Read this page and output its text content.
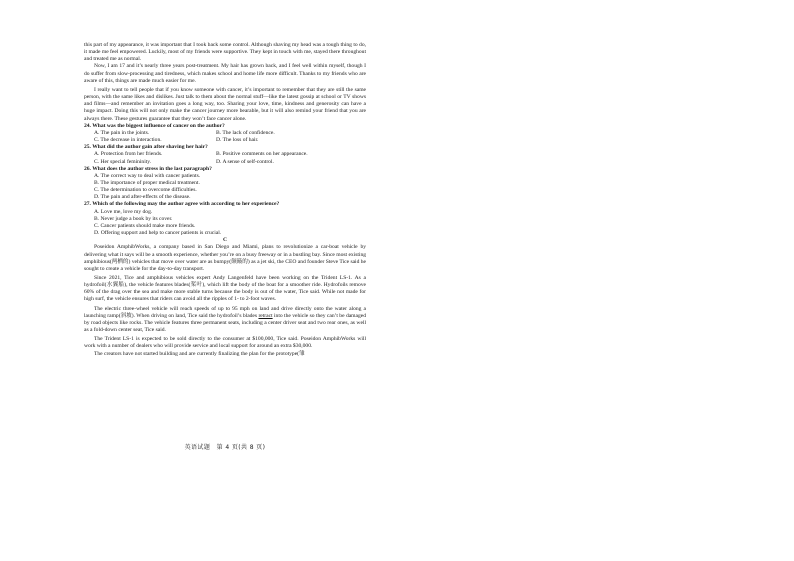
this part of my appearance, it was important that I took back some control. Although shaving my head was a tough thing to do, it made me feel empowered. Luckily, most of my friends were supportive. They kept in touch with me, stayed there throughout and treated me as normal.

Now, I am 17 and it’s nearly three years post-treatment. My hair has grown back, and I feel well within myself, though I do suffer from slow-processing and tiredness, which makes school and home life more difficult. Thanks to my friends who are aware of this, things are made much easier for me.

I really want to tell people that if you know someone with cancer, it’s important to remember that they are still the same person, with the same likes and dislikes. Just talk to them about the normal stuff—like the latest gossip at school or TV shows and films—and remember an invitation goes a long way, too. Sharing your love, time, kindness and generosity can have a huge impact. Doing this will not only make the cancer journey more bearable, but it will also remind your friend that you are always there. These gestures guarantee that they won’t face cancer alone.

24. What was the biggest influence of cancer on the author?

A. The pain in the joints.	B. The lack of confidence.
C. The decrease in interaction.	D. The loss of hair.

25. What did the author gain after shaving her hair?

A. Protection from her friends.	B. Positive comments on her appearance.
C. Her special femininity.	D. A sense of self-control.

26. What does the author stress in the last paragraph?

A. The correct way to deal with cancer patients.
B. The importance of proper medical treatment.
C. The determination to overcome difficulties.
D. The pain and after-effects of the disease.

27. Which of the following may the author agree with according to her experience?

A. Love me, love my dog.
B. Never judge a book by its cover.
C. Cancer patients should make more friends.
D. Offering support and help to cancer patients is crucial.

C

Poseidon AmphibWorks, a company based in San Diego and Miami, plans to revolutionize a car-boat vehicle by delivering what it says will be a smooth experience, whether you’re on a busy freeway or in a bustling bay. Since most existing amphibious(两栖的) vehicles that move over water are as bumpy(颠簸的) as a jet ski, the CEO and founder Steve Tice said he sought to create a vehicle for the day-to-day transport.

Since 2021, Tice and amphibious vehicles expert Andy Langenfeld have been working on the Trident LS-1. As a hydrofoil(水翼船), the vehicle features blades(桨叶), which lift the body of the boat for a smoother ride. Hydrofoils remove 60% of the drag over the sea and make more stable turns because the body is out of the water, Tice said. While not made for high surf, the vehicle ensures that riders can avoid all the ripples of 1- to 2-foot waves.

The electric three-wheel vehicle will reach speeds of up to 95 mph on land and drive directly onto the water along a launching ramp(斜坡). When driving on land, Tice said the hydrofoil’s blades retract into the vehicle so they can’t be damaged by road objects like rocks. The vehicle features three permanent seats, including a center driver seat and two rear ones, as well as a fold-down center seat, Tice said.

The Trident LS-1 is expected to be sold directly to the consumer at $100,000, Tice said. Poseidon AmphibWorks will work with a number of dealers who will provide service and local support for around an extra $30,000.

The creators have not started building and are currently finalizing the plan for the prototype(雏

英语试题　第 4 页(共 8 页)
